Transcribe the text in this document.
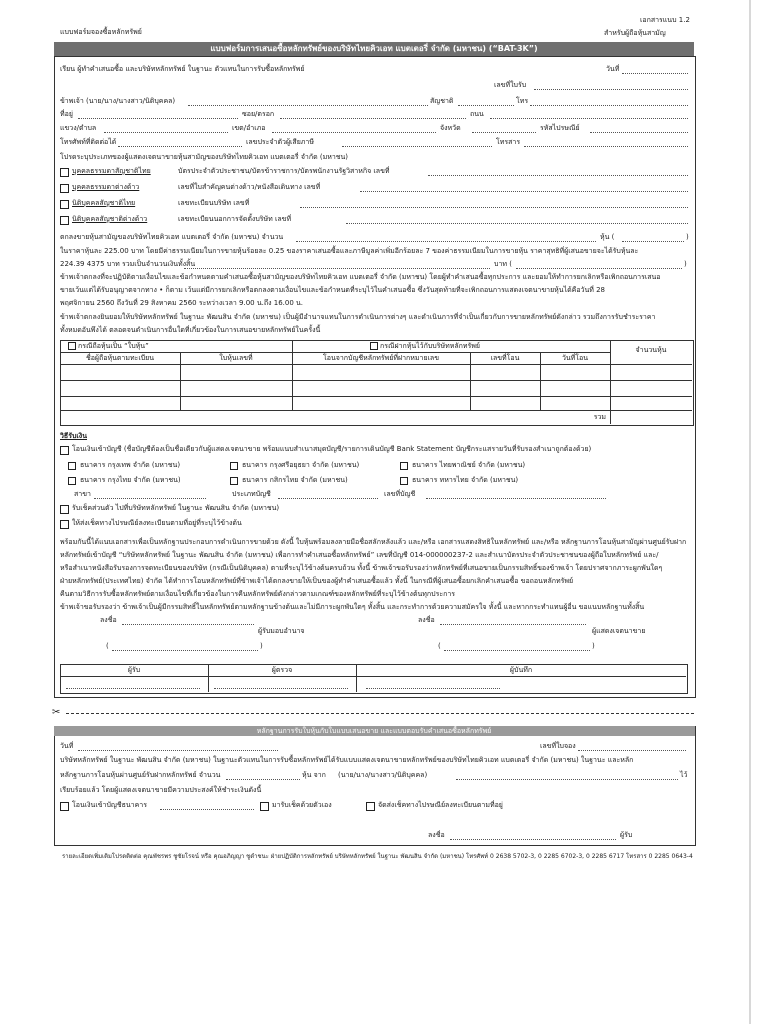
แบบฟอร์มจองซื้อหลักทรัพย์
เอกสารแนบ 1.2
สำหรับผู้ถือหุ้นสามัญ
แบบฟอร์มการเสนอซื้อหลักทรัพย์ของบริษัทไทยคิวเอท แบตเตอรี่ จำกัด (มหาชน) (“BAT-3K”)
เรียน ผู้ทำคำเสนอซื้อ และบริษัทหลักทรัพย์ ในฐานะ ตัวแทนในการรับซื้อหลักทรัพย์	วันที่
เลขที่ใบรับ
ข้าพเจ้า (นาย/นาง/นางสาว/นิติบุคคล)	สัญชาติ	โทร
ที่อยู่	ซอย/ตรอก	ถนน
แขวง/ตำบล	เขต/อำเภอ	จังหวัด	รหัสไปรษณีย์
โทรศัพท์ที่ติดต่อได้	เลขประจำตัวผู้เสียภาษี	โทรสาร
โปรดระบุประเภทของผู้แสดงเจตนาขายหุ้นสามัญของบริษัทไทยคิวเอท แบตเตอรี่ จำกัด (มหาชน)
บุคคลธรรมดาสัญชาติไทย	บัตรประจำตัวประชาชน/บัตรข้าราชการ/บัตรพนักงานรัฐวิสาหกิจ เลขที่
บุคคลธรรมดาต่างด้าว	เลขที่ใบสำคัญคนต่างด้าว/หนังสือเดินทาง เลขที่
นิติบุคคลสัญชาติไทย	เลขทะเบียนบริษัท เลขที่
นิติบุคคลสัญชาติต่างด้าว	เลขทะเบียนนอกการจัดตั้งบริษัท เลขที่
ตกลงขายหุ้นสามัญของบริษัทไทยคิวเอท แบตเตอรี่ จำกัด (มหาชน) จำนวน	หุ้น (	)
ในราคาหุ้นละ 225.00 บาท โดยมีค่าธรรมเนียมในการขายหุ้นร้อยละ 0.25 ของราคาเสนอซื้อและภาษีมูลค่าเพิ่มอีกร้อยละ 7 ของค่าธรรมเนียมในการขายหุ้น ราคาสุทธิที่ผู้เสนอขายจะได้รับหุ้นละ
224.39 4375 บาท รวมเป็นจำนวนเงินทั้งสิ้น	บาท (	)
ข้าพเจ้าตกลงที่จะปฏิบัติตามเงื่อนไขและข้อกำหนดตามคำเสนอซื้อหุ้นสามัญของบริษัทไทยคิวเอท แบตเตอรี่ จำกัด (มหาชน) โดยผู้ทำคำเสนอซื้อทุกประการ และยอมให้ทำการยกเลิกหรือเพิกถอนการเสนอ
ขายเว้นแต่ได้รับอนุญาตจากทาง • ก็ตาม เว้นแต่มีการยกเลิกหรือตกลงตามเงื่อนไขและข้อกำหนดที่ระบุไว้ในคำเสนอซื้อ ซึ่งวันสุดท้ายที่จะเพิกถอนการแสดงเจตนาขายหุ้นได้คือวันที่ 28
พฤศจิกายน 2560 ถึงวันที่ 29 สิงหาคม 2560 ระหว่างเวลา 9.00 น.ถึง 16.00 น.
ข้าพเจ้าตกลงยินยอมให้บริษัทหลักทรัพย์ ในฐานะ พัฒนสิน จำกัด (มหาชน) เป็นผู้มีอำนาจแทนในการดำเนินการต่างๆ และดำเนินการที่จำเป็นเกี่ยวกับการขายหลักทรัพย์ดังกล่าว รวมถึงการรับชำระราคา
ทั้งหมดอันพึงได้ ตลอดจนดำเนินการอื่นใดที่เกี่ยวข้องในการเสนอขายหลักทรัพย์ในครั้งนี้
กรณีถือหุ้นเป็น “ใบหุ้น”	กรณีฝากหุ้นไว้กับบริษัทหลักทรัพย์
ชื่อผู้ถือหุ้นตามทะเบียน	ใบหุ้นเลขที่	โอนจากบัญชีหลักทรัพย์ที่ฝากหมายเลข	เลขที่โอน	วันที่โอน
จำนวนหุ้น
รวม
วิธีรับเงิน
โอนเงินเข้าบัญชี (ชื่อบัญชีต้องเป็นชื่อเดียวกับผู้แสดงเจตนาขาย พร้อมแนบสำเนาสมุดบัญชี/รายการเดินบัญชี Bank Statement บัญชีกระแสรายวันที่รับรองสำเนาถูกต้องด้วย)
ธนาคาร กรุงเทพ จำกัด (มหาชน)	ธนาคาร กรุงศรีอยุธยา จำกัด (มหาชน)	ธนาคาร ไทยพาณิชย์ จำกัด (มหาชน)
ธนาคาร กรุงไทย จำกัด (มหาชน)	ธนาคาร กสิกรไทย จำกัด (มหาชน)	ธนาคาร ทหารไทย จำกัด (มหาชน)
สาขา	ประเภทบัญชี	เลขที่บัญชี
รับเช็คส่วนตัว ไปที่บริษัทหลักทรัพย์ ในฐานะ พัฒนสิน จำกัด (มหาชน)
ให้ส่งเช็คทางไปรษณีย์ลงทะเบียนตามที่อยู่ที่ระบุไว้ข้างต้น
พร้อมกันนี้ได้แนบเอกสารเพื่อเป็นหลักฐานประกอบการดำเนินการขายด้วย ดังนี้ ใบหุ้นพร้อมลงลายมือชื่อสลักหลังแล้ว และ/หรือ เอกสารแสดงสิทธิในหลักทรัพย์ และ/หรือ หลักฐานการโอนหุ้นสามัญผ่านศูนย์รับฝาก
หลักทรัพย์เข้าบัญชี “บริษัทหลักทรัพย์ ในฐานะ พัฒนสิน จำกัด (มหาชน) เพื่อการทำคำเสนอซื้อหลักทรัพย์” เลขที่บัญชี 014-000000237-2 และสำเนาบัตรประจำตัวประชาชนของผู้ถือใบหลักทรัพย์ และ/
หรือสำเนาหนังสือรับรองการจดทะเบียนของบริษัท (กรณีเป็นนิติบุคคล) ตามที่ระบุไว้ข้างต้นครบถ้วน ทั้งนี้ ข้าพเจ้าขอรับรองว่าหลักทรัพย์ที่เสนอขายเป็นกรรมสิทธิ์ของข้าพเจ้า โดยปราศจากภาระผูกพันใดๆ
ฝ่ายหลักทรัพย์(ประเทศไทย) จำกัด ได้ทำการโอนหลักทรัพย์ที่ข้าพเจ้าได้ตกลงขายให้เป็นของผู้ทำคำเสนอซื้อแล้ว ทั้งนี้ ในกรณีที่ผู้เสนอซื้อยกเลิกคำเสนอซื้อ ขอถอนหลักทรัพย์
คืนตามวิธีการรับซื้อหลักทรัพย์ตามเงื่อนไขที่เกี่ยวข้องในการคืนหลักทรัพย์ดังกล่าวตามเกณฑ์ของหลักทรัพย์ที่ระบุไว้ข้างต้นทุกประการ
ข้าพเจ้าขอรับรองว่า ข้าพเจ้าเป็นผู้มีกรรมสิทธิ์ในหลักทรัพย์ตามหลักฐานข้างต้นและไม่มีภาระผูกพันใดๆ ทั้งสิ้น และกระทำการด้วยความสมัครใจ ทั้งนี้ และหากกระทำแทนผู้อื่น ขอแนบหลักฐานทั้งสิ้น
ลงชื่อ
ผู้รับมอบอำนาจ
ลงชื่อ
ผู้แสดงเจตนาขาย
(	)	(	)
ผู้รับ	ผู้ตรวจ	ผู้บันทึก
✂
หลักฐานการรับใบหุ้นกับใบแบบเสนอขาย และแบบตอบรับคำเสนอซื้อหลักทรัพย์
วันที่	เลขที่ใบจอง
บริษัทหลักทรัพย์ ในฐานะ พัฒนสิน จำกัด (มหาชน) ในฐานะตัวแทนในการรับซื้อหลักทรัพย์ได้รับแบบแสดงเจตนาขายหลักทรัพย์ของบริษัทไทยคิวเอท แบตเตอรี่ จำกัด (มหาชน) ในฐานะ และหลัก
หลักฐานการโอนหุ้นผ่านศูนย์รับฝากหลักทรัพย์ จำนวน	หุ้น จาก (นาย/นาง/นางสาว/นิติบุคคล)	ไว้
เรียบร้อยแล้ว โดยผู้แสดงเจตนาขายมีความประสงค์ให้ชำระเงินดังนี้
โอนเงินเข้าบัญชีธนาคาร	มารับเช็คด้วยตัวเอง	จัดส่งเช็คทางไปรษณีย์ลงทะเบียนตามที่อยู่
ลงชื่อ	ผู้รับ
รายละเอียดเพิ่มเติมโปรดติดต่อ คุณพัชรพร ชูชัยโรจน์ หรือ คุณอภิญญา ชูดำชนะ ฝ่ายปฏิบัติการหลักทรัพย์ บริษัทหลักทรัพย์ ในฐานะ พัฒนสิน จำกัด (มหาชน) โทรศัพท์ 0 2638 5702-3, 0 2285 6702-3, 0 2285 6717 โทรสาร 0 2285 0643-4
